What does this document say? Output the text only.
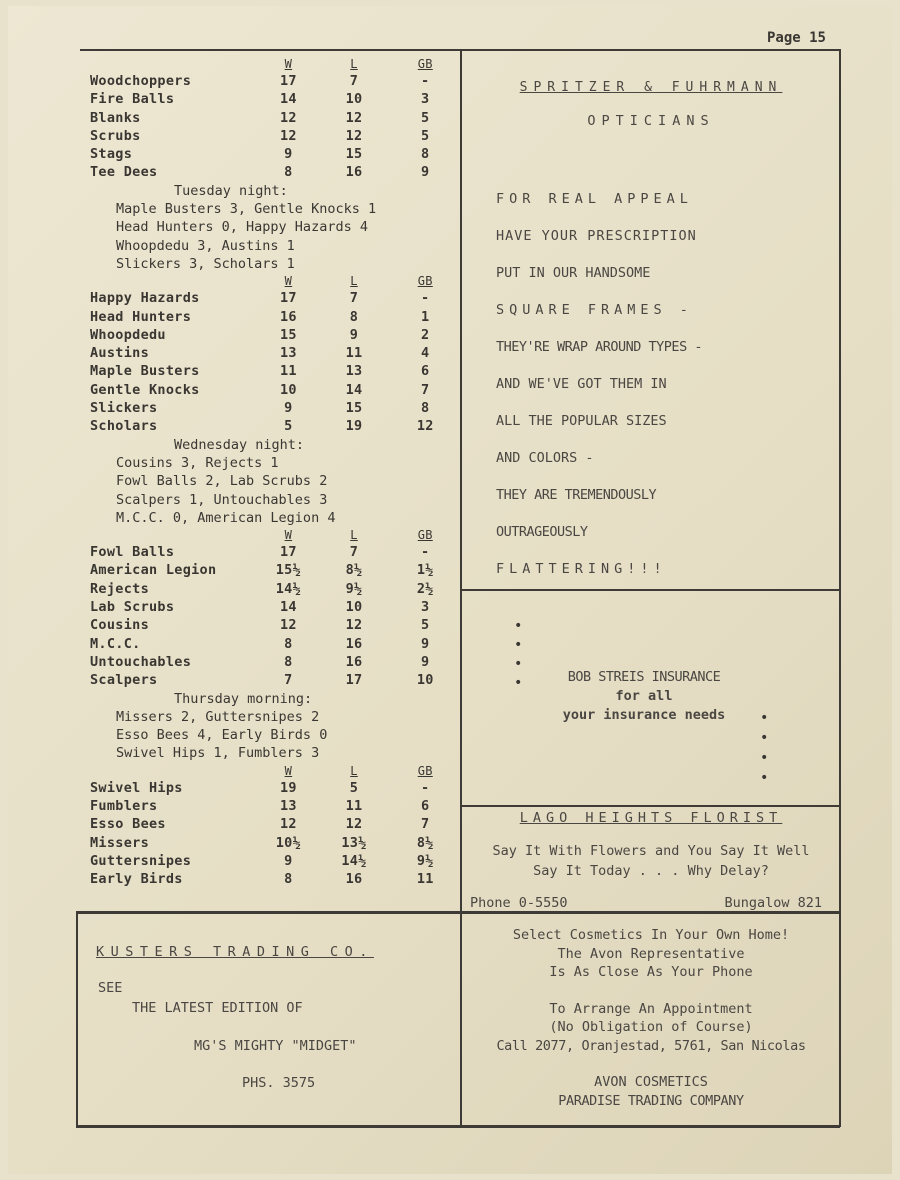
Page 15
	W	L	GB
Woodchoppers	17	7	-
Fire Balls	14	10	3
Blanks	12	12	5
Scrubs	12	12	5
Stags	9	15	8
Tee Dees	8	16	9
Tuesday night:
Maple Busters 3, Gentle Knocks 1
Head Hunters 0, Happy Hazards 4
Whoopdedu 3, Austins 1
Slickers 3, Scholars 1
	W	L	GB
Happy Hazards	17	7	-
Head Hunters	16	8	1
Whoopdedu	15	9	2
Austins	13	11	4
Maple Busters	11	13	6
Gentle Knocks	10	14	7
Slickers	9	15	8
Scholars	5	19	12
Wednesday night:
Cousins 3, Rejects 1
Fowl Balls 2, Lab Scrubs 2
Scalpers 1, Untouchables 3
M.C.C. 0, American Legion 4
	W	L	GB
Fowl Balls	17	7	-
American Legion	15½	8½	1½
Rejects	14½	9½	2½
Lab Scrubs	14	10	3
Cousins	12	12	5
M.C.C.	8	16	9
Untouchables	8	16	9
Scalpers	7	17	10
Thursday morning:
Missers 2, Guttersnipes 2
Esso Bees 4, Early Birds 0
Swivel Hips 1, Fumblers 3
	W	L	GB
Swivel Hips	19	5	-
Fumblers	13	11	6
Esso Bees	12	12	7
Missers	10½	13½	8½
Guttersnipes	9	14½	9½
Early Birds	8	16	11

SPRITZER & FUHRMANN

OPTICIANS

FOR REAL APPEAL

HAVE YOUR PRESCRIPTION

PUT IN OUR HANDSOME

SQUARE FRAMES -

THEY'RE WRAP AROUND TYPES -

AND WE'VE GOT THEM IN

ALL THE POPULAR SIZES

AND COLORS -

THEY ARE TREMENDOUSLY

OUTRAGEOUSLY

FLATTERING!!!

•
•
•
•	BOB STREIS INSURANCE
for all
your insurance needs	•
•
•
•
LAGO HEIGHTS FLORIST
Say It With Flowers and You Say It Well
Say It Today . . . Why Delay?
Phone 0-5550	Bungalow 821
KUSTERS TRADING CO.
SEE
THE LATEST EDITION OF
MG'S MIGHTY "MIDGET"
PHS. 3575
Select Cosmetics In Your Own Home!
The Avon Representative
Is As Close As Your Phone
To Arrange An Appointment
(No Obligation of Course)
Call 2077, Oranjestad, 5761, San Nicolas
AVON COSMETICS
PARADISE TRADING COMPANY
